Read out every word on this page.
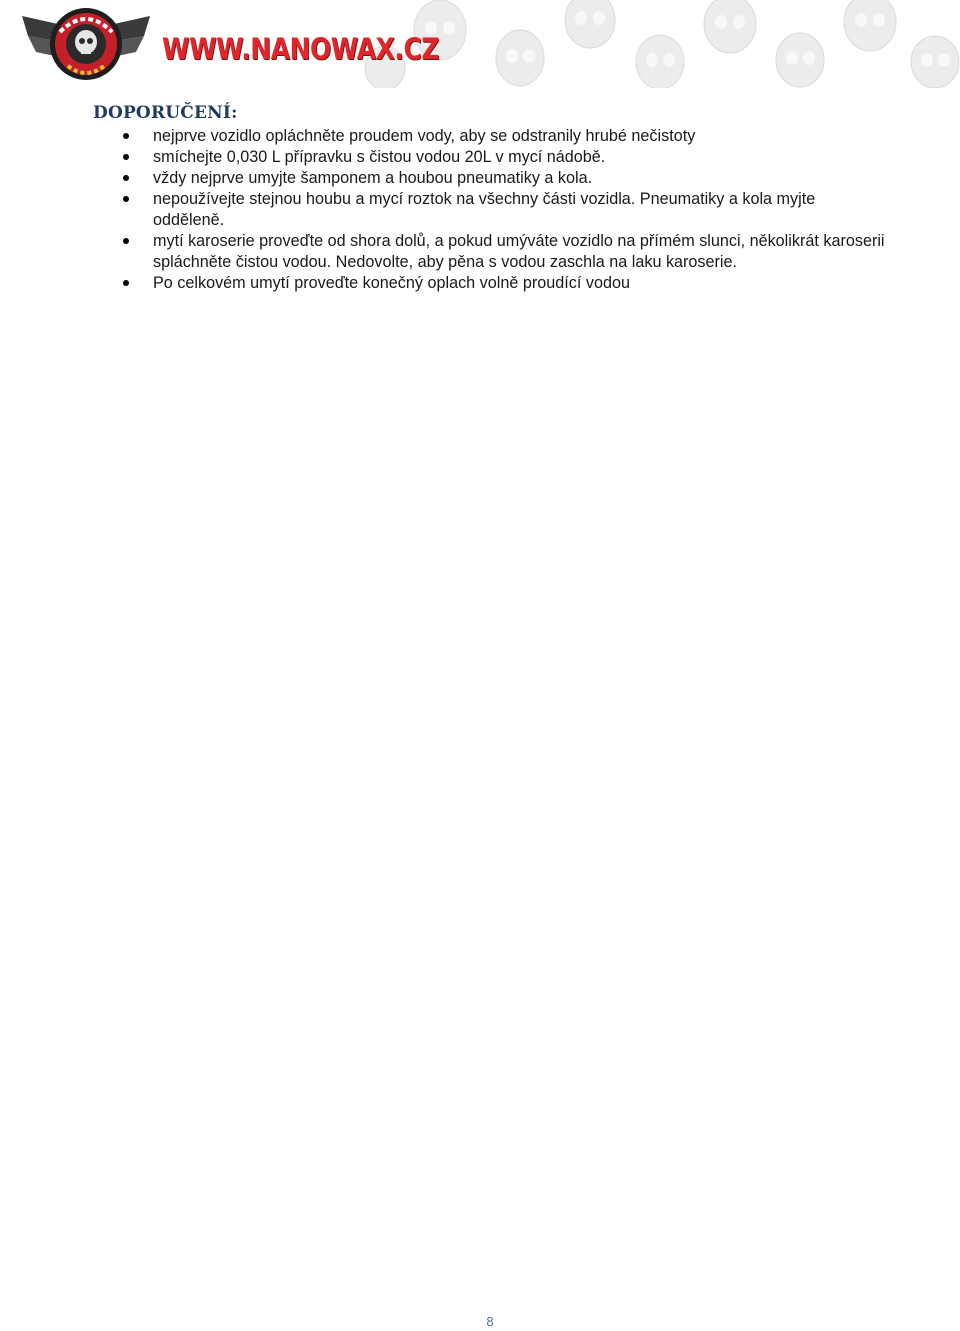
WWW.NANOWAX.CZ
DOPORUČENÍ:
nejprve vozidlo opláchněte proudem vody, aby se odstranily hrubé nečistoty
smíchejte 0,030 L přípravku s čistou vodou 20L v mycí nádobě.
vždy nejprve umyjte šamponem a houbou pneumatiky a kola.
nepoužívejte stejnou houbu a mycí roztok na všechny části vozidla. Pneumatiky a kola myjte odděleně.
mytí karoserie proveďte od shora dolů, a pokud umýváte vozidlo na přímém slunci, několikrát karoserii spláchněte čistou vodou. Nedovolte, aby pěna s vodou zaschla na laku karoserie.
Po celkovém umytí proveďte konečný oplach volně proudící vodou
8
